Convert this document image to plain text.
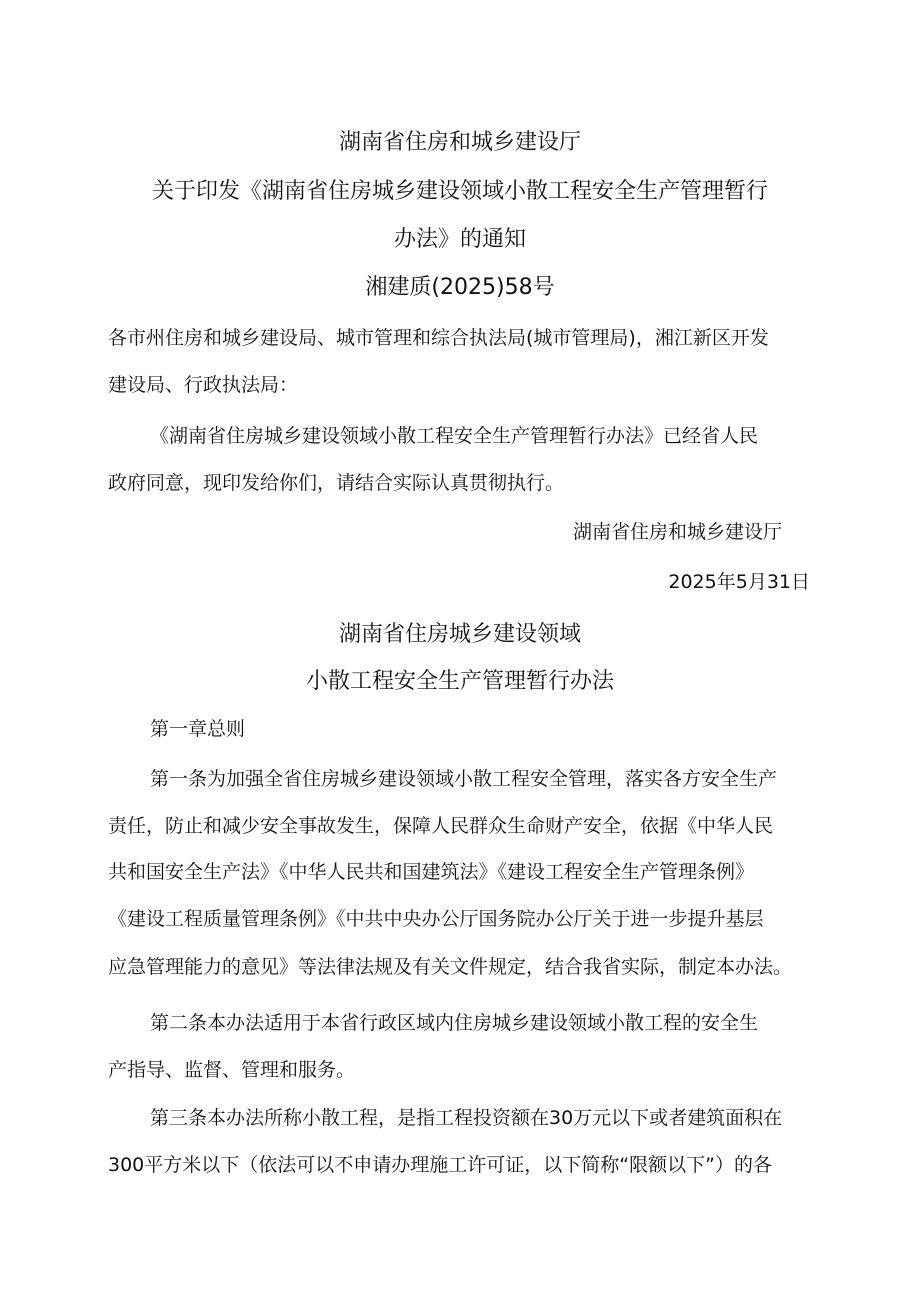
湖南省住房和城乡建设厅
关于印发《湖南省住房城乡建设领域小散工程安全生产管理暂行
办法》的通知
湘建质(2025)58号
各市州住房和城乡建设局、城市管理和综合执法局(城市管理局)，湘江新区开发
建设局、行政执法局：
《湖南省住房城乡建设领域小散工程安全生产管理暂行办法》已经省人民
政府同意，现印发给你们，请结合实际认真贯彻执行。
湖南省住房和城乡建设厅
2025年5月31日
湖南省住房城乡建设领域
小散工程安全生产管理暂行办法
第一章总则
第一条为加强全省住房城乡建设领域小散工程安全管理，落实各方安全生产
责任，防止和减少安全事故发生，保障人民群众生命财产安全，依据《中华人民
共和国安全生产法》《中华人民共和国建筑法》《建设工程安全生产管理条例》
《建设工程质量管理条例》《中共中央办公厅国务院办公厅关于进一步提升基层
应急管理能力的意见》等法律法规及有关文件规定，结合我省实际，制定本办法。
第二条本办法适用于本省行政区域内住房城乡建设领域小散工程的安全生
产指导、监督、管理和服务。
第三条本办法所称小散工程，是指工程投资额在30万元以下或者建筑面积在
300平方米以下（依法可以不申请办理施工许可证，以下简称“限额以下”）的各
